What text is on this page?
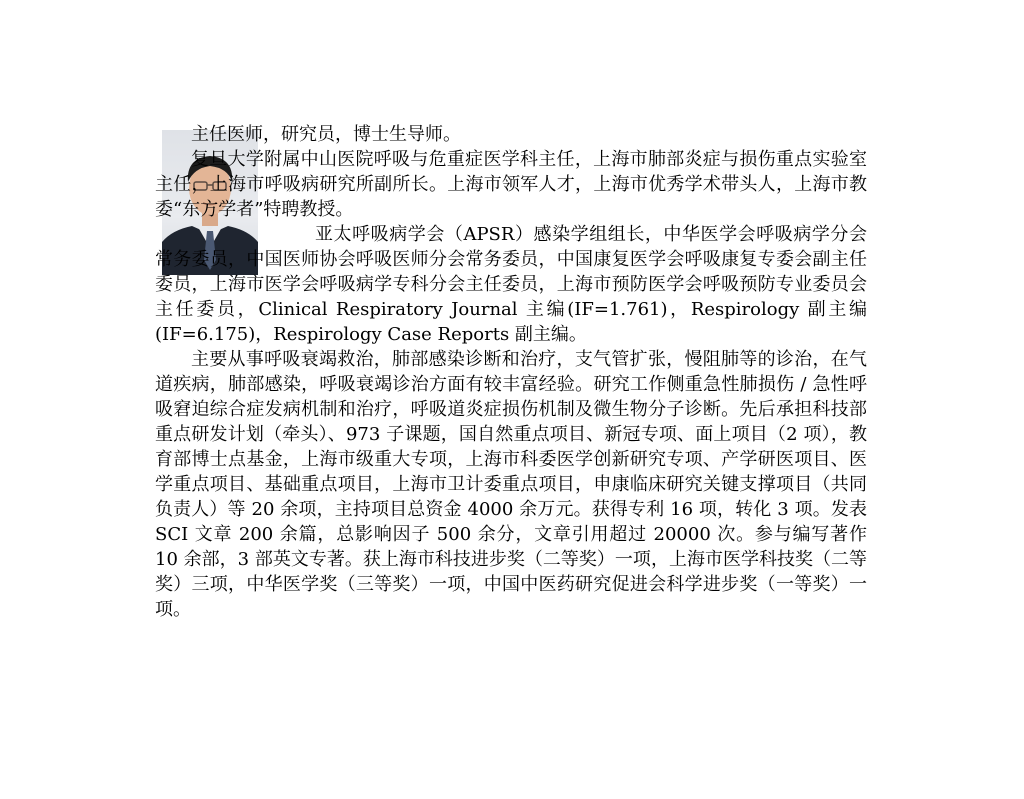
主任医师，研究员，博士生导师。

复旦大学附属中山医院呼吸与危重症医学科主任，上海市肺部炎症与损伤重点实验室主任，上海市呼吸病研究所副所长。上海市领军人才，上海市优秀学术带头人，上海市教委“东方学者”特聘教授。

亚太呼吸病学会（APSR）感染学组组长，中华医学会呼吸病学分会常务委员，中国医师协会呼吸医师分会常务委员，中国康复医学会呼吸康复专委会副主任委员，上海市医学会呼吸病学专科分会主任委员，上海市预防医学会呼吸预防专业委员会主任委员，Clinical Respiratory Journal 主编(IF=1.761)，Respirology 副主编(IF=6.175)，Respirology Case Reports 副主编。

主要从事呼吸衰竭救治，肺部感染诊断和治疗，支气管扩张，慢阻肺等的诊治，在气道疾病，肺部感染，呼吸衰竭诊治方面有较丰富经验。研究工作侧重急性肺损伤 / 急性呼吸窘迫综合症发病机制和治疗，呼吸道炎症损伤机制及微生物分子诊断。先后承担科技部重点研发计划（牵头）、973 子课题，国自然重点项目、新冠专项、面上项目（2 项），教育部博士点基金，上海市级重大专项，上海市科委医学创新研究专项、产学研医项目、医学重点项目、基础重点项目，上海市卫计委重点项目，申康临床研究关键支撑项目（共同负责人）等 20 余项，主持项目总资金 4000 余万元。获得专利 16 项，转化 3 项。发表 SCI 文章 200 余篇，总影响因子 500 余分，文章引用超过 20000 次。参与编写著作 10 余部，3 部英文专著。获上海市科技进步奖（二等奖）一项，上海市医学科技奖（二等奖）三项，中华医学奖（三等奖）一项，中国中医药研究促进会科学进步奖（一等奖）一项。
